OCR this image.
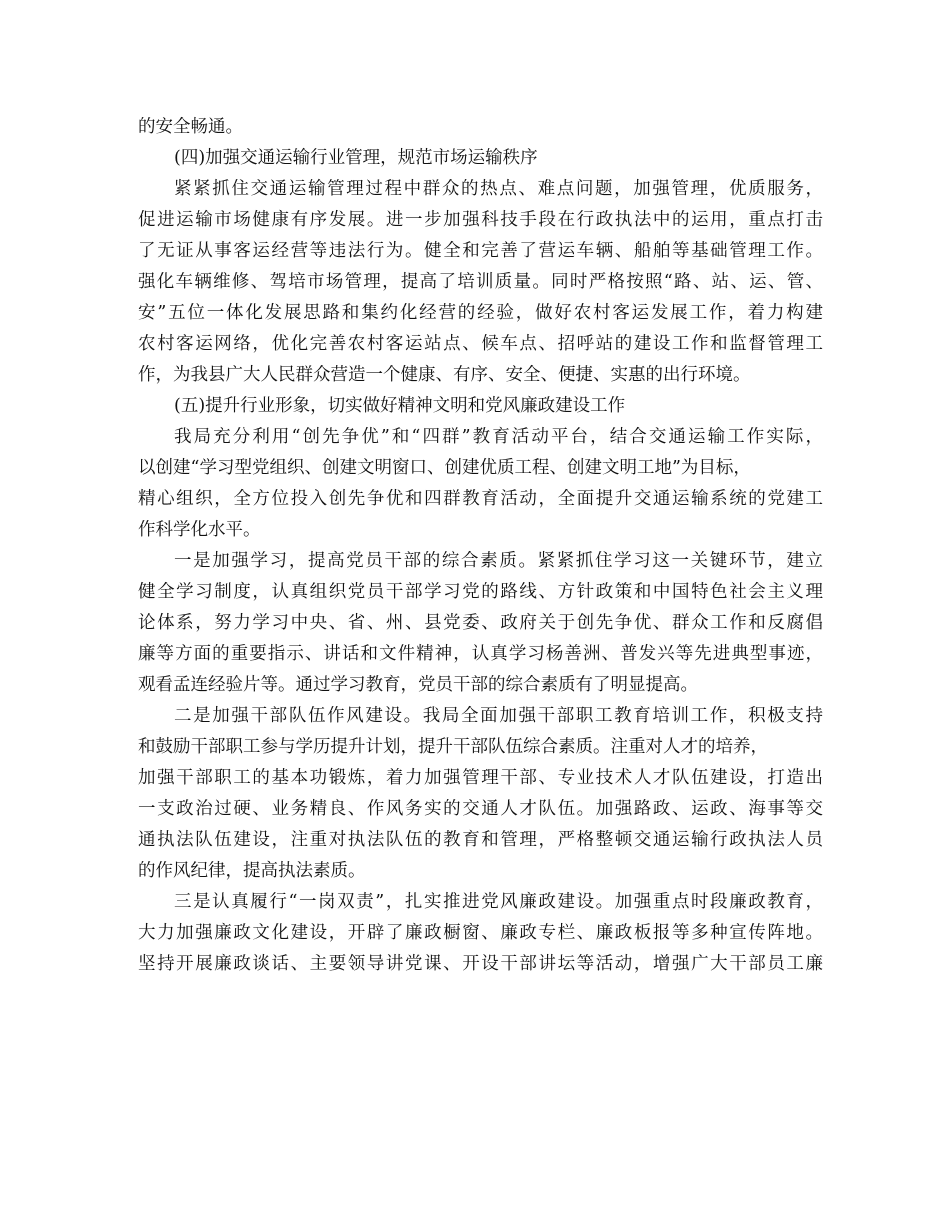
的安全畅通。
(四)加强交通运输行业管理，规范市场运输秩序
紧紧抓住交通运输管理过程中群众的热点、难点问题，加强管理，优质服务，
促进运输市场健康有序发展。进一步加强科技手段在行政执法中的运用，重点打击
了无证从事客运经营等违法行为。健全和完善了营运车辆、船舶等基础管理工作。
强化车辆维修、驾培市场管理，提高了培训质量。同时严格按照“路、站、运、管、
安”五位一体化发展思路和集约化经营的经验，做好农村客运发展工作，着力构建
农村客运网络，优化完善农村客运站点、候车点、招呼站的建设工作和监督管理工
作，为我县广大人民群众营造一个健康、有序、安全、便捷、实惠的出行环境。
(五)提升行业形象，切实做好精神文明和党风廉政建设工作
我局充分利用“创先争优”和“四群”教育活动平台，结合交通运输工作实际，
以创建“学习型党组织、创建文明窗口、创建优质工程、创建文明工地”为目标，
精心组织，全方位投入创先争优和四群教育活动，全面提升交通运输系统的党建工
作科学化水平。
一是加强学习，提高党员干部的综合素质。紧紧抓住学习这一关键环节，建立
健全学习制度，认真组织党员干部学习党的路线、方针政策和中国特色社会主义理
论体系，努力学习中央、省、州、县党委、政府关于创先争优、群众工作和反腐倡
廉等方面的重要指示、讲话和文件精神，认真学习杨善洲、普发兴等先进典型事迹，
观看孟连经验片等。通过学习教育，党员干部的综合素质有了明显提高。
二是加强干部队伍作风建设。我局全面加强干部职工教育培训工作，积极支持
和鼓励干部职工参与学历提升计划，提升干部队伍综合素质。注重对人才的培养，
加强干部职工的基本功锻炼，着力加强管理干部、专业技术人才队伍建设，打造出
一支政治过硬、业务精良、作风务实的交通人才队伍。加强路政、运政、海事等交
通执法队伍建设，注重对执法队伍的教育和管理，严格整顿交通运输行政执法人员
的作风纪律，提高执法素质。
三是认真履行“一岗双责”，扎实推进党风廉政建设。加强重点时段廉政教育，
大力加强廉政文化建设，开辟了廉政橱窗、廉政专栏、廉政板报等多种宣传阵地。
坚持开展廉政谈话、主要领导讲党课、开设干部讲坛等活动，增强广大干部员工廉
